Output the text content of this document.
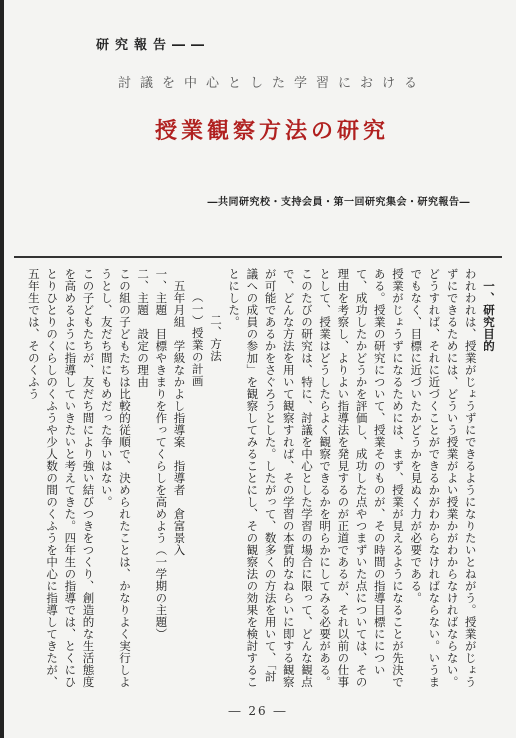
研究報告――
討議を中心とした学習における
授業観察方法の研究
―共同研究校・支持会員・第一回研究集会・研究報告―

一、研究目的

われわれは、授業がじょうずにできるようになりたいとねがう。授業がじょうずにできるためには、どういう授業がよい授業かがわからなければならない。どうすれば、それに近づくことができるかがわからなければならない。いうまでもなく、目標に近づいたかどうかを見ぬく力が必要である。

授業がじょうずになるためには、まず、授業が見えるようになることが先決である。授業の研究について、授業そのものが、その時間の指導目標にについて、成功したかどうかを評価し、成功した点やつまずいた点については、その理由を考察し、よりよい指導法を発見するのが正道であるが、それ以前の仕事として、授業はどうしたらよく観察できるかを明らかにしてみる必要がある。

このたびの研究は、特に、討議を中心とした学習の場合に限って、どんな観点で、どんな方法を用いて観察すれば、その学習の本質的なねらいに即する観察が可能であるかをさぐろうとした。したがって、数多くの方法を用いて、「討議への成員の参加」を観察してみることにし、その観察法の効果を検討することにした。

二、方法

（一）授業の計画

五年月組　学級なかよし指導案　指導者　倉富景入

一、主題　目標やきまりを作ってくらしを高めよう（一学期の主題）

二、主題　設定の理由

この組の子どもたちは比較的従順で、決められたことは、かなりよく実行しようとし、友だち間にもめだった争いはない。

この子どもたちが、友だち間により強い結びつきをつくり、創造的な生活態度を高めるように指導していきたいと考えてきた。四年生の指導では、とくにひとりひとりのくらしのくふうや少人数の間のくふうを中心に指導してきたが、五年生では、そのくふう

― 26 ―
